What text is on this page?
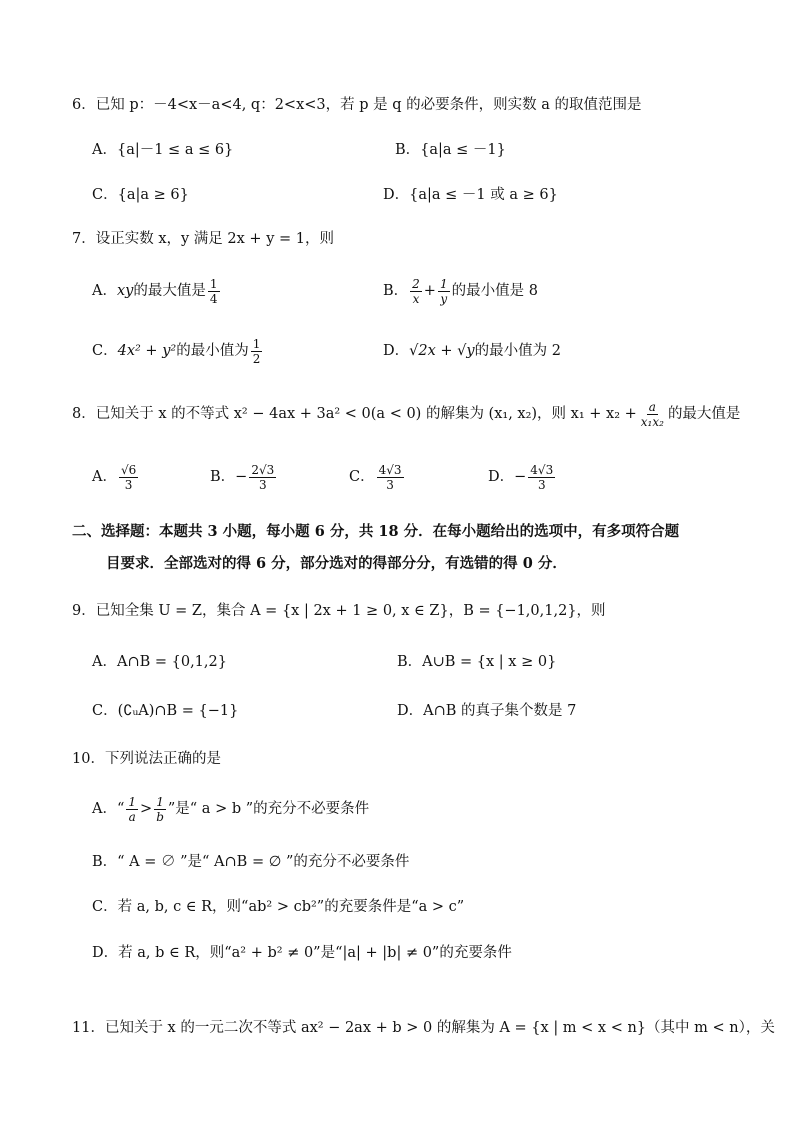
6．已知 p：－4<x－a<4, q：2<x<3，若 p 是 q 的必要条件，则实数 a 的取值范围是
A．{a|－1 ≤ a ≤ 6}	B．{a|a ≤ －1}
C．{a|a ≥ 6}	D．{a|a ≤ －1 或 a ≥ 6}
7．设正实数 x，y 满足 2x + y = 1，则
A．xy的最大值是 $\frac{1}{4}$	B． $\frac{2}{x} + \frac{1}{y}$ 的最小值是 8
C．4x² + y²的最小值为 $\frac{1}{2}$	D．√2x + √y的最小值为 2
8．已知关于 x 的不等式 x² − 4ax + 3a² < 0(a < 0) 的解集为 (x₁, x₂)，则 $x_1 + x_2 + \frac{a}{\text{x₁x₂}}$ 的最大值是
A． $\frac{√6}{3}$	B．− $\frac{2√3}{3}$	C． $\frac{4√3}{3}$	D．− $\frac{4√3}{3}$
二、选择题：本题共 3 小题，每小题 6 分，共 18 分．在每小题给出的选项中，有多项符合题
目要求．全部选对的得 6 分，部分选对的得部分分，有选错的得 0 分．
9．已知全集 U = Z，集合 A = {x | 2x + 1 ≥ 0, x ∈ Z}，B = {−1,0,1,2}，则
A．A∩B = {0,1,2}	B．A∪B = {x | x ≥ 0}
C．(∁ᵤA)∩B = {−1}	D．A∩B 的真子集个数是 7
10．下列说法正确的是
A．“ $\frac{1}{a} > \frac{1}{b}$ ”是“ a > b ”的充分不必要条件
B．“ A = ∅ ”是“ A∩B = ∅ ”的充分不必要条件
C．若 a, b, c ∈ R，则“ab² > cb²”的充要条件是“a > c”
D．若 a, b ∈ R，则“a² + b² ≠ 0”是“|a| + |b| ≠ 0”的充要条件
11．已知关于 x 的一元二次不等式 ax² − 2ax + b > 0 的解集为 A = {x | m < x < n}（其中 m < n），关
